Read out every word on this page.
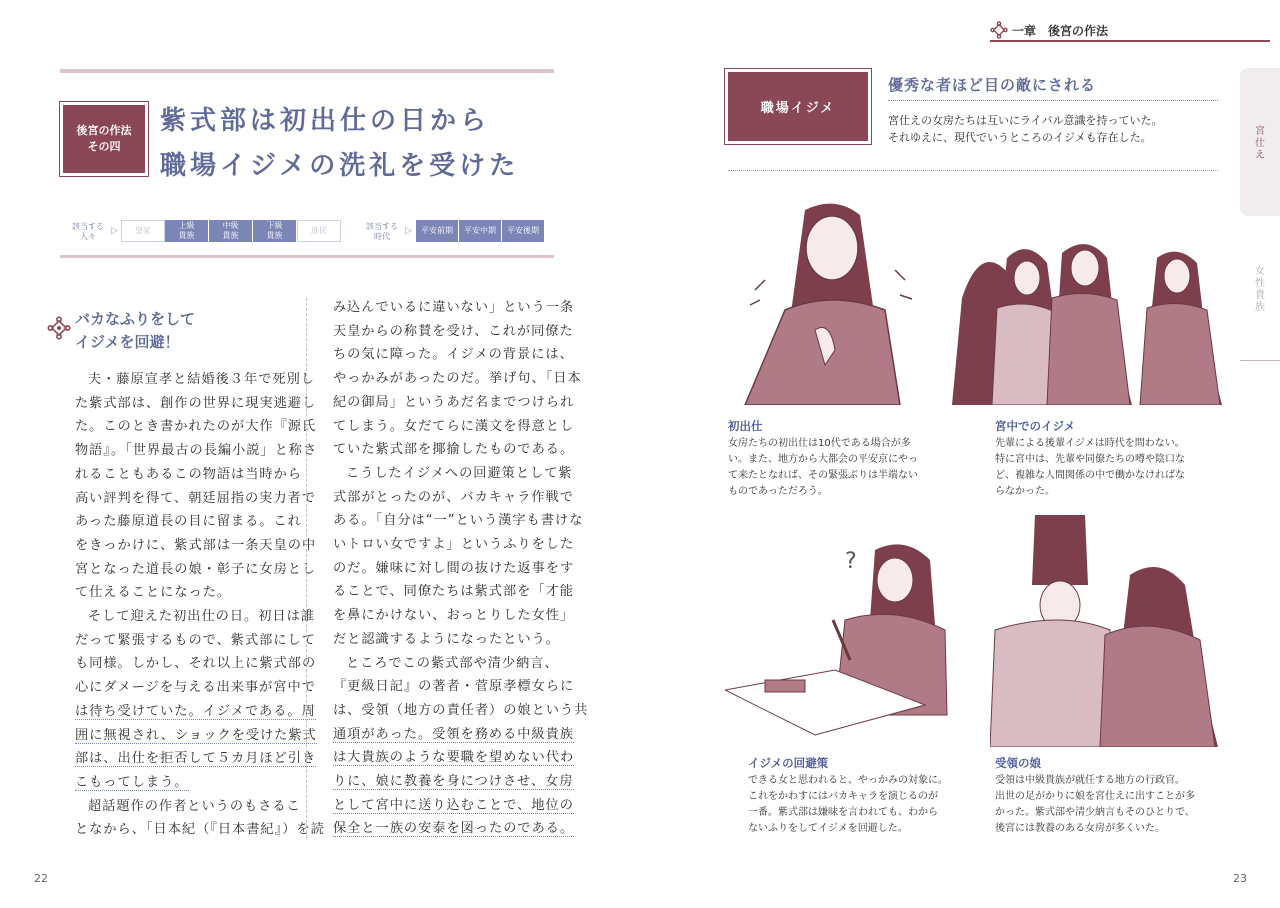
後宮の作法
その四
紫式部は初出仕の日から
職場イジメの洗礼を受けた
該当する
人々
▷ 皇家
上級
貴族
中級
貴族
下級
貴族
庶民	該当する
時代
▷	平安前期	平安中期	平安後期
バカなふりをして
イジメを回避！
夫・藤原宣孝と結婚後３年で死別し
た紫式部は、創作の世界に現実逃避し
た。このとき書かれたのが大作『源氏
物語』。「世界最古の長編小説」と称さ
れることもあるこの物語は当時から
高い評判を得て、朝廷屈指の実力者で
あった藤原道長の目に留まる。これ
をきっかけに、紫式部は一条天皇の中
宮となった道長の娘・彰子に女房とし
て仕えることになった。
そして迎えた初出仕の日。初日は誰
だって緊張するもので、紫式部にして
も同様。しかし、それ以上に紫式部の
心にダメージを与える出来事が宮中で
は待ち受けていた。イジメである。周
囲に無視され、ショックを受けた紫式
部は、出仕を拒否して５カ月ほど引き
こもってしまう。
超話題作の作者というのもさるこ
となから、「日本紀（『日本書紀』）を読
み込んでいるに違いない」という一条
天皇からの称賛を受け、これが同僚た
ちの気に障った。イジメの背景には、
やっかみがあったのだ。挙げ句、「日本
紀の御局」というあだ名までつけられ
てしまう。女だてらに漢文を得意とし
ていた紫式部を揶揄したものである。
こうしたイジメへの回避策として紫
式部がとったのが、バカキャラ作戦で
ある。「自分は“一”という漢字も書けな
いトロい女ですよ」というふりをした
のだ。嫌味に対し間の抜けた返事をす
ることで、同僚たちは紫式部を「才能
を鼻にかけない、おっとりした女性」
だと認識するようになったという。
ところでこの紫式部や清少納言、
『更級日記』の著者・菅原孝標女らに
は、受領（地方の責任者）の娘という共
通項があった。受領を務める中級貴族
は大貴族のような要職を望めない代わ
りに、娘に教養を身につけさせ、女房
として宮中に送り込むことで、地位の
保全と一族の安泰を図ったのである。
22
一章　後宮の作法
職場イジメ
優秀な者ほど目の敵にされる
宮仕えの女房たちは互いにライバル意識を持っていた。
それゆえに、現代でいうところのイジメも存在した。	宮仕え
女性貴族
初出仕
女房たちの初出仕は10代である場合が多
い。また、地方から大都会の平安京にやっ
て来たとなれば、その緊張ぶりは半端ない
ものであっただろう。
宮中でのイジメ
先輩による後輩イジメは時代を問わない。
特に宮中は、先輩や同僚たちの噂や陰口な
ど、複雑な人間関係の中で働かなければな
らなかった。
?
イジメの回避策
できる女と思われると、やっかみの対象に。
これをかわすにはバカキャラを演じるのが
一番。紫式部は嫌味を言われても、わから
ないふりをしてイジメを回避した。
受領の娘
受領は中級貴族が就任する地方の行政官。
出世の足がかりに娘を宮仕えに出すことが多
かった。紫式部や清少納言もそのひとりで、
後宮には教養のある女房が多くいた。
23
